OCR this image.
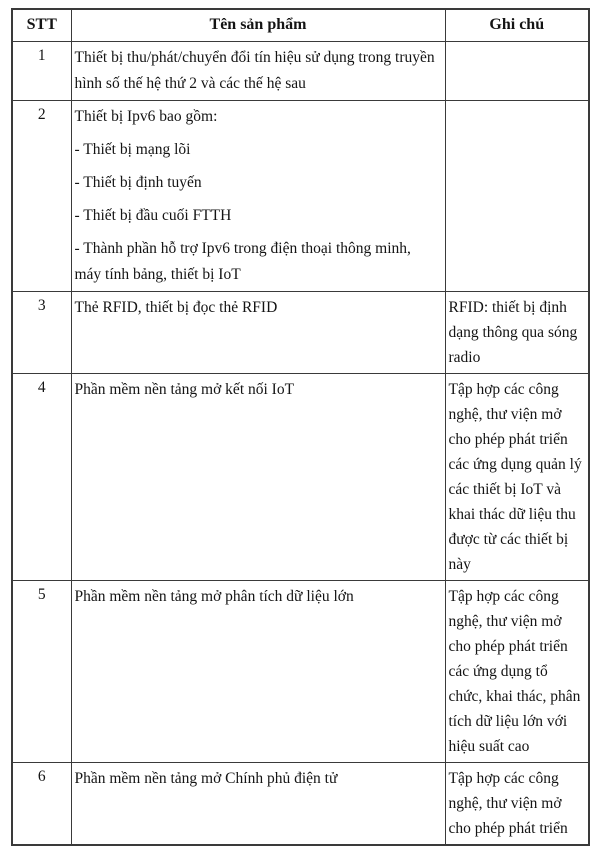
STT	Tên sản phẩm	Ghi chú
1	Thiết bị thu/phát/chuyển đổi tín hiệu sử dụng trong truyền hình số thế hệ thứ 2 và các thế hệ sau	

2	Thiết bị Ipv6 bao gồm:

- Thiết bị mạng lõi

- Thiết bị định tuyến

- Thiết bị đầu cuối FTTH

- Thành phần hỗ trợ Ipv6 trong điện thoại thông minh, máy tính bảng, thiết bị IoT	

3	Thẻ RFID, thiết bị đọc thẻ RFID	RFID: thiết bị định dạng thông qua sóng radio
4	Phần mềm nền tảng mở kết nối IoT	Tập hợp các công nghệ, thư viện mở cho phép phát triển các ứng dụng quản lý các thiết bị IoT và khai thác dữ liệu thu được từ các thiết bị này
5	Phần mềm nền tảng mở phân tích dữ liệu lớn	Tập hợp các công nghệ, thư viện mở cho phép phát triển các ứng dụng tổ chức, khai thác, phân tích dữ liệu lớn với hiệu suất cao
6	Phần mềm nền tảng mở Chính phủ điện tử	Tập hợp các công nghệ, thư viện mở cho phép phát triển
